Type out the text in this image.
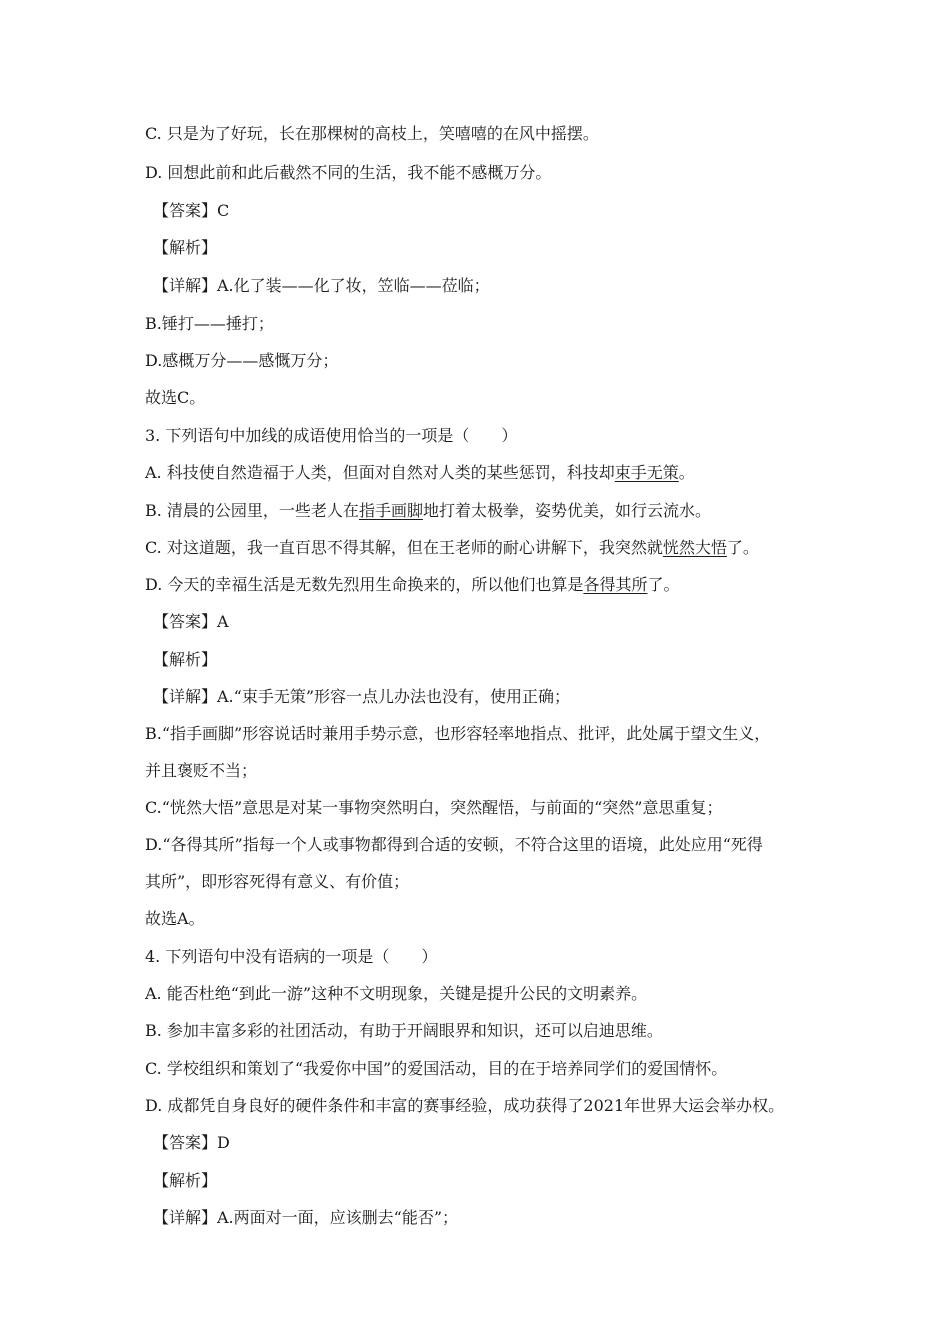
C. 只是为了好玩，长在那棵树的高枝上，笑嘻嘻的在风中摇摆。
D. 回想此前和此后截然不同的生活，我不能不感概万分。
【答案】C
【解析】
【详解】A.化了装——化了妆，笠临——莅临；
B.锤打——捶打；
D.感概万分——感慨万分；
故选C。
3. 下列语句中加线的成语使用恰当的一项是（　　）
A. 科技使自然造福于人类，但面对自然对人类的某些惩罚，科技却束手无策。
B. 清晨的公园里，一些老人在指手画脚地打着太极拳，姿势优美，如行云流水。
C. 对这道题，我一直百思不得其解，但在王老师的耐心讲解下，我突然就恍然大悟了。
D. 今天的幸福生活是无数先烈用生命换来的，所以他们也算是各得其所了。
【答案】A
【解析】
【详解】A.“束手无策”形容一点儿办法也没有，使用正确；
B.“指手画脚”形容说话时兼用手势示意，也形容轻率地指点、批评，此处属于望文生义，
并且褒贬不当；
C.“恍然大悟”意思是对某一事物突然明白，突然醒悟，与前面的“突然”意思重复；
D.“各得其所”指每一个人或事物都得到合适的安顿，不符合这里的语境，此处应用“死得
其所”，即形容死得有意义、有价值；
故选A。
4. 下列语句中没有语病的一项是（　　）
A. 能否杜绝“到此一游”这种不文明现象，关键是提升公民的文明素养。
B. 参加丰富多彩的社团活动，有助于开阔眼界和知识，还可以启迪思维。
C. 学校组织和策划了“我爱你中国”的爱国活动，目的在于培养同学们的爱国情怀。
D. 成都凭自身良好的硬件条件和丰富的赛事经验，成功获得了2021年世界大运会举办权。
【答案】D
【解析】
【详解】A.两面对一面，应该删去“能否”；
